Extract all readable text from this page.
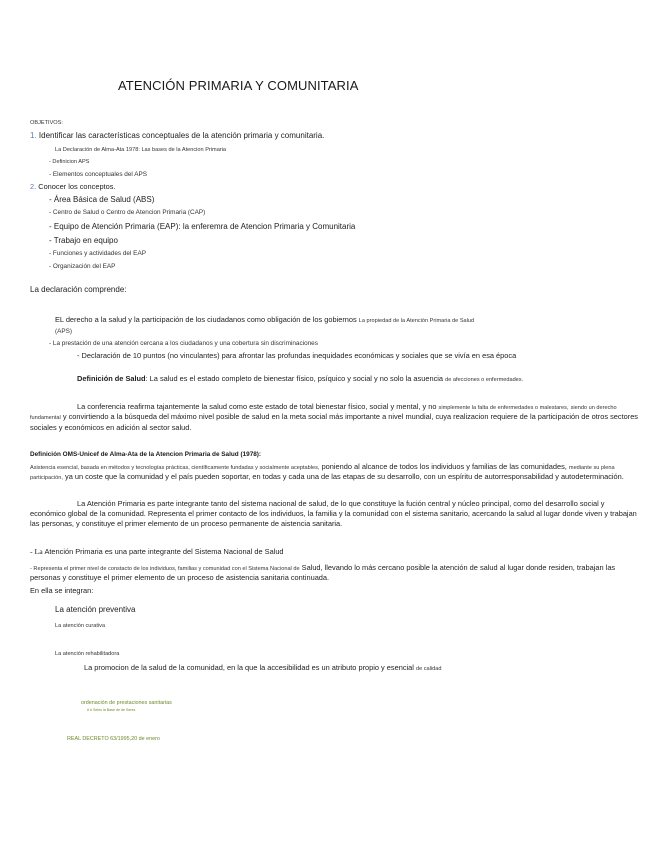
ATENCIÓN PRIMARIA Y COMUNITARIA
OBJETIVOS:
1. Identificar las características conceptuales de la atención primaria y comunitaria.
La Declaración de Alma-Ata 1978: Las bases de la Atencion Primaria
- Definicion APS
- Elementos conceptuales del APS
2. Conocer los conceptos.
- Área Básica de Salud (ABS)
- Centro de Salud o Centro de Atencion Primaria (CAP)
- Equipo de Atención Primaria (EAP): la enferemra de Atencion Primaria y Comunitaria
- Trabajo en equipo
- Funciones y actividades del EAP
- Organización del EAP
La declaración comprende:
EL derecho a la salud y la participación de los ciudadanos como obligación de los gobiernos La propiedad de la Atención Primaria de Salud
(APS)
- La prestación de una atención cercana a los ciudadanos y una cobertura sin discriminaciones
- Declaración de 10 puntos (no vinculantes) para afrontar las profundas inequidades económicas y sociales que se vivía en esa época
Definición de Salud: La salud es el estado completo de bienestar físico, psíquico y social y no solo la asuencia de afecciones o enfermedades.
La conferencia reafirma tajantemente la salud como este estado de total bienestar físico, social y mental, y no simplemente la falta de enfermedades o malestares, siendo un derecho fundamental y convirtiendo a la búsqueda del máximo nivel posible de salud en la meta social más importante a nivel mundial, cuya realizacion requiere de la participación de otros sectores sociales y económicos en adición al sector salud.
Definición OMS-Unicef de Alma-Ata de la Atencion Primaria de Salud (1978):
Asistencia esencial, basada en métodos y tecnologías prácticas, científicamente fundadas y socialmente aceptables, poniendo al alcance de todos los individuos y familias de las comunidades, mediante su plena participación, ya un coste que la comunidad y el país pueden soportar, en todas y cada una de las etapas de su desarrollo, con un espíritu de autorresponsabilidad y autodeterminación.
La Atención Primaria es parte integrante tanto del sistema nacional de salud, de lo que constituye la fución central y núcleo principal, como del desarrollo social y económico global de la comunidad. Representa el primer contacto de los individuos, la familia y la comunidad con el sistema sanitario, acercando la salud al lugar donde viven y trabajan las personas, y constituye el primer elemento de un proceso permanente de aistencia sanitaria.
- La Atención Primaria es una parte integrante del Sistema Nacional de Salud
- Representa el primer nivel de constacto de los individuos, familias y comunidad con el Sistema Nacional de Salud, llevando lo más cercano posible la atención de salud al lugar donde residen, trabajan las personas y constituye el primer elemento de un proceso de asistencia sanitaria continuada.
En ella se integran:
La atención preventiva
La atención curativa
La atención rehabilitadora
La promocion de la salud de la comunidad, en la que la accesibilidad es un atributo propio y esencial de calidad
ordenación de prestaciones sanitarias
# # Seles la Base de de Seres
REAL DECRETO 63/1995,20 de enero
